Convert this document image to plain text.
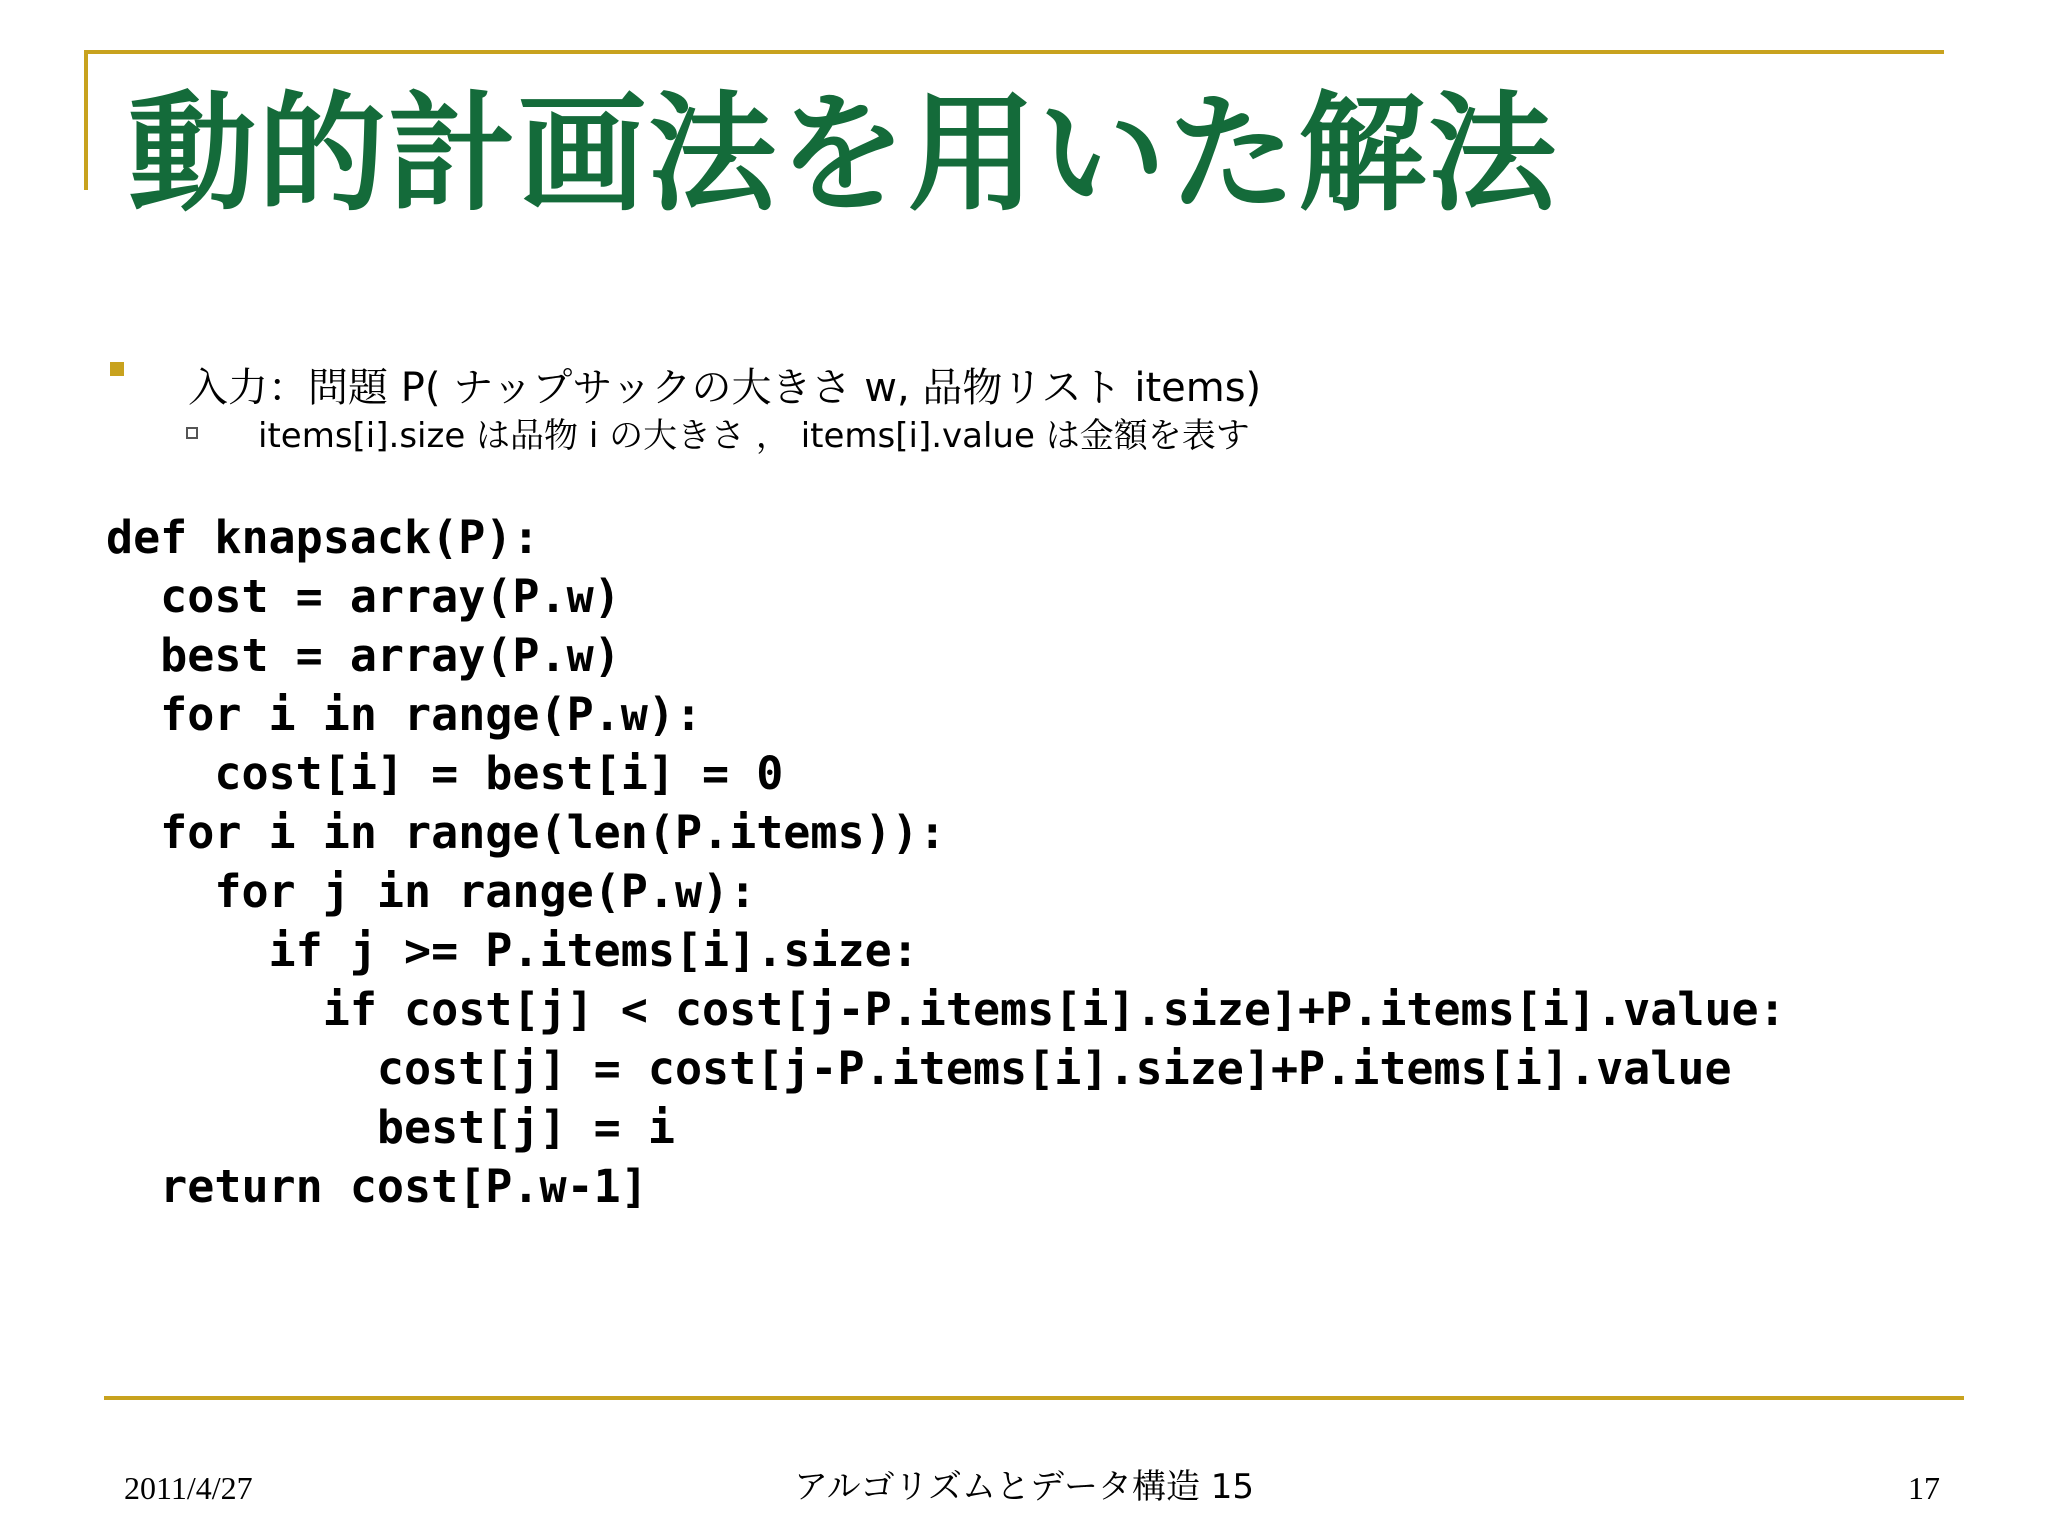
動的計画法を用いた解法
入力：問題 P( ナップサックの大きさ w, 品物リスト items)
items[i].size は品物 i の大きさ ， items[i].value は金額を表す
def knapsack(P):
cost = array(P.w)
best = array(P.w)
for i in range(P.w):
cost[i] = best[i] = 0
for i in range(len(P.items)):
for j in range(P.w):
if j >= P.items[i].size:
if cost[j] < cost[j-P.items[i].size]+P.items[i].value:
cost[j] = cost[j-P.items[i].size]+P.items[i].value
best[j] = i
return cost[P.w-1]
2011/4/27	アルゴリズムとデータ構造 15	17
